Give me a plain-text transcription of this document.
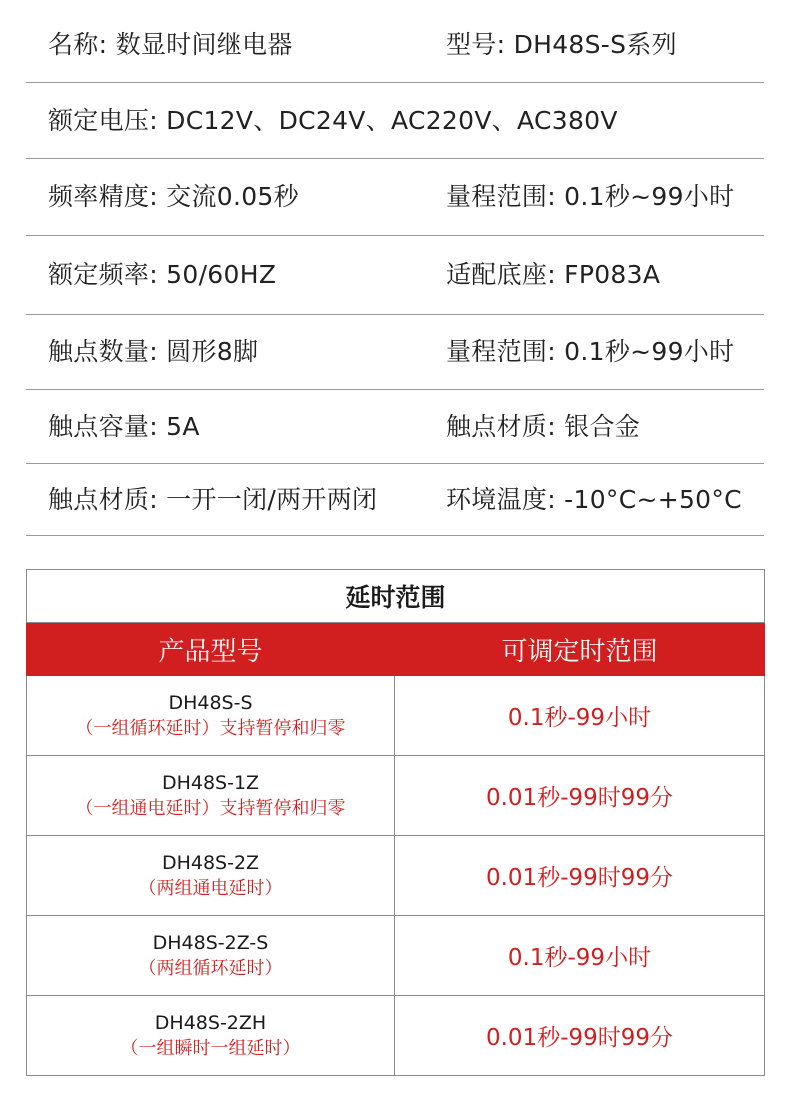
名称: 数显时间继电器	型号: DH48S-S系列
额定电压: DC12V、DC24V、AC220V、AC380V
频率精度: 交流0.05秒	量程范围: 0.1秒~99小时
额定频率: 50/60HZ	适配底座: FP083A
触点数量: 圆形8脚	量程范围: 0.1秒~99小时
触点容量: 5A	触点材质: 银合金
触点材质: 一开一闭/两开两闭	环境温度: -10°C~+50°C
延时范围	
产品型号	可调定时范围

DH48S-S
（一组循环延时）支持暂停和归零	0.1秒-99小时

DH48S-1Z
（一组通电延时）支持暂停和归零	0.01秒-99时99分

DH48S-2Z
（两组通电延时）	0.01秒-99时99分

DH48S-2Z-S
（两组循环延时）	0.1秒-99小时

DH48S-2ZH
（一组瞬时一组延时）	0.01秒-99时99分
